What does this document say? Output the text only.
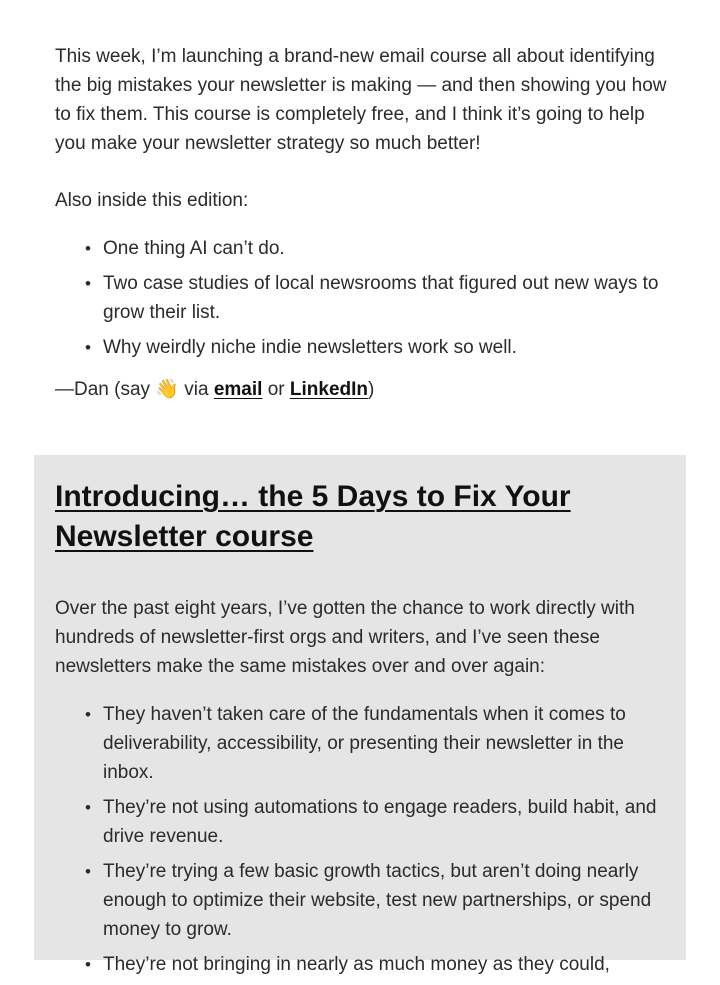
This week, I’m launching a brand-new email course all about identifying the big mistakes your newsletter is making — and then showing you how to fix them. This course is completely free, and I think it’s going to help you make your newsletter strategy so much better!

Also inside this edition:

• One thing AI can’t do.
• Two case studies of local newsrooms that figured out new ways to grow their list.
• Why weirdly niche indie newsletters work so well.

—Dan (say 👋 via email or LinkedIn)

Introducing… the 5 Days to Fix Your Newsletter course

Over the past eight years, I’ve gotten the chance to work directly with hundreds of newsletter-first orgs and writers, and I’ve seen these newsletters make the same mistakes over and over again:

• They haven’t taken care of the fundamentals when it comes to deliverability, accessibility, or presenting their newsletter in the inbox.
• They’re not using automations to engage readers, build habit, and drive revenue.
• They’re trying a few basic growth tactics, but aren’t doing nearly enough to optimize their website, test new partnerships, or spend money to grow.
• They’re not bringing in nearly as much money as they could,
